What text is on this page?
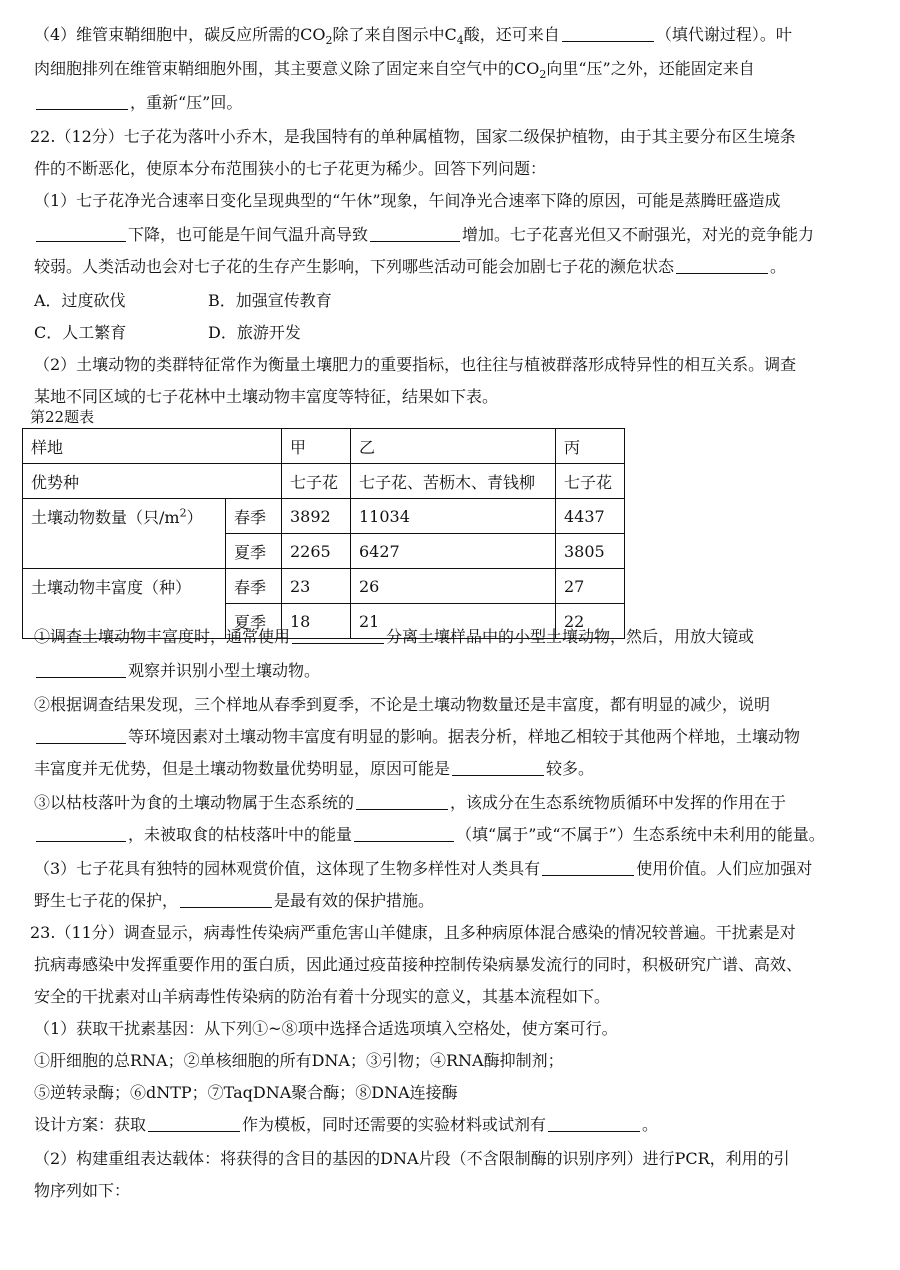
（4）维管束鞘细胞中，碳反应所需的$CO_2$除了来自图示中$C_4$酸，还可来自	（填代谢过程）。叶
肉细胞排列在维管束鞘细胞外围，其主要意义除了固定来自空气中的$CO_2$向里“压”之外，还能固定来自
，重新“压”回。
22.（12分）七子花为落叶小乔木，是我国特有的单种属植物，国家二级保护植物，由于其主要分布区生境条
件的不断恶化，使原本分布范围狭小的七子花更为稀少。回答下列问题：
（1）七子花净光合速率日变化呈现典型的“午休”现象，午间净光合速率下降的原因，可能是蒸腾旺盛造成
下降，也可能是午间气温升高导致	增加。七子花喜光但又不耐强光，对光的竞争能力
较弱。人类活动也会对七子花的生存产生影响，下列哪些活动可能会加剧七子花的濒危状态	。
A．过度砍伐	B．加强宣传教育
C．人工繁育	D．旅游开发
（2）土壤动物的类群特征常作为衡量土壤肥力的重要指标，也往往与植被群落形成特异性的相互关系。调查
某地不同区域的七子花林中土壤动物丰富度等特征，结果如下表。
第22题表
样地		甲	乙	丙
优势种		七子花	七子花、苦枥木、青钱柳	七子花
土壤动物数量（只$/m^2$）	春季	3892	11034	4437
	夏季	2265	6427	3805
土壤动物丰富度（种）	春季	23	26	27
	夏季	18	21	22
①调查土壤动物丰富度时，通常使用	分离土壤样品中的小型土壤动物，然后，用放大镜或
观察并识别小型土壤动物。
②根据调查结果发现，三个样地从春季到夏季，不论是土壤动物数量还是丰富度，都有明显的减少，说明
等环境因素对土壤动物丰富度有明显的影响。据表分析，样地乙相较于其他两个样地，土壤动物
丰富度并无优势，但是土壤动物数量优势明显，原因可能是	较多。
③以枯枝落叶为食的土壤动物属于生态系统的	，该成分在生态系统物质循环中发挥的作用在于
，未被取食的枯枝落叶中的能量	（填“属于”或“不属于”）生态系统中未利用的能量。
（3）七子花具有独特的园林观赏价值，这体现了生物多样性对人类具有	使用价值。人们应加强对
野生七子花的保护，	是最有效的保护措施。
23.（11分）调查显示，病毒性传染病严重危害山羊健康，且多种病原体混合感染的情况较普遍。干扰素是对
抗病毒感染中发挥重要作用的蛋白质，因此通过疫苗接种控制传染病暴发流行的同时，积极研究广谱、高效、
安全的干扰素对山羊病毒性传染病的防治有着十分现实的意义，其基本流程如下。
（1）获取干扰素基因：从下列①~⑧项中选择合适选项填入空格处，使方案可行。
①肝细胞的总RNA；②单核细胞的所有DNA；③引物；④RNA酶抑制剂；
⑤逆转录酶；⑥dNTP；⑦TaqDNA聚合酶；⑧DNA连接酶
设计方案：获取	作为模板，同时还需要的实验材料或试剂有	。
（2）构建重组表达载体：将获得的含目的基因的DNA片段（不含限制酶的识别序列）进行PCR，利用的引
物序列如下：
